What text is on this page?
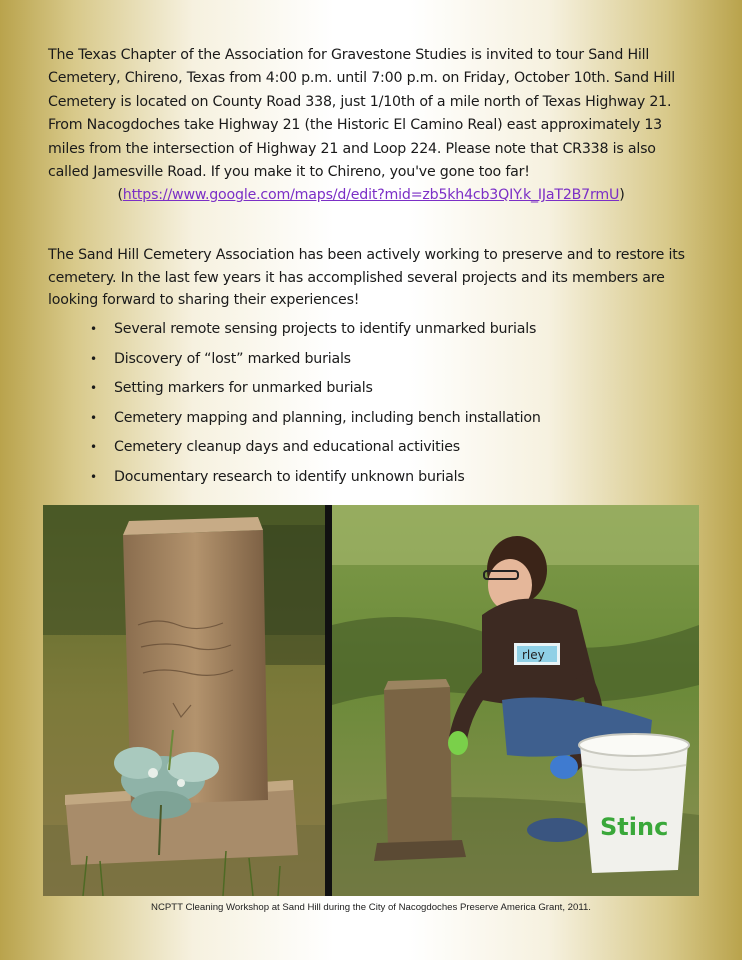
The Texas Chapter of the Association for Gravestone Studies is invited to tour Sand Hill Cemetery, Chireno, Texas from 4:00 p.m. until 7:00 p.m. on Friday, October 10th. Sand Hill Cemetery is located on County Road 338, just 1/10th of a mile north of Texas Highway 21. From Nacogdoches take Highway 21 (the Historic El Camino Real) east approximately 13 miles from the intersection of Highway 21 and Loop 224. Please note that CR338 is also called Jamesville Road. If you make it to Chireno, you've gone too far!

(https://www.google.com/maps/d/edit?mid=zb5kh4cb3QIY.k_IJaT2B7rmU)

The Sand Hill Cemetery Association has been actively working to preserve and to restore its cemetery. In the last few years it has accomplished several projects and its members are looking forward to sharing their experiences!

•	Several remote sensing projects to identify unmarked burials
•	Discovery of “lost” marked burials
•	Setting markers for unmarked burials
•	Cemetery mapping and planning, including bench installation
•	Cemetery cleanup days and educational activities
•	Documentary research to identify unknown burials
rley
Stinc
NCPTT Cleaning Workshop at Sand Hill during the City of Nacogdoches Preserve America Grant, 2011.
